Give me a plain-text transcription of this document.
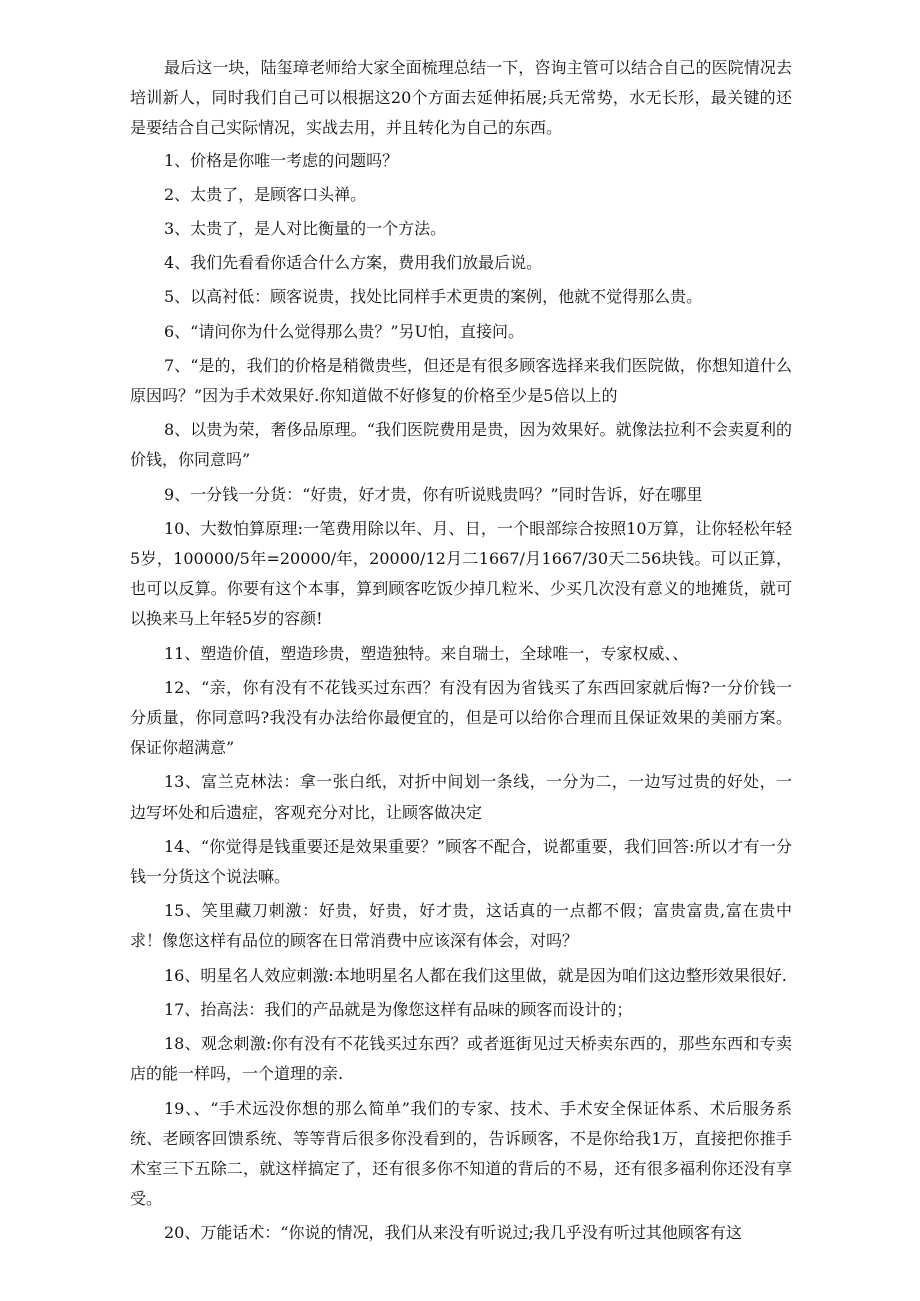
最后这一块，陆玺璋老师给大家全面梳理总结一下，咨询主管可以结合自己的医院情况去培训新人，同时我们自己可以根据这20个方面去延伸拓展;兵无常势，水无长形，最关键的还是要结合自己实际情况，实战去用，并且转化为自己的东西。

1、价格是你唯一考虑的问题吗？

2、太贵了，是顾客口头禅。

3、太贵了，是人对比衡量的一个方法。

4、我们先看看你适合什么方案，费用我们放最后说。

5、以高衬低：顾客说贵，找处比同样手术更贵的案例，他就不觉得那么贵。

6、“请问你为什么觉得那么贵？”另U怕，直接问。

7、“是的，我们的价格是稍微贵些，但还是有很多顾客选择来我们医院做，你想知道什么原因吗？”因为手术效果好.你知道做不好修复的价格至少是5倍以上的

8、以贵为荣，奢侈品原理。“我们医院费用是贵，因为效果好。就像法拉利不会卖夏利的价钱，你同意吗”

9、一分钱一分货：“好贵，好才贵，你有听说贱贵吗？”同时告诉，好在哪里

10、大数怕算原理:一笔费用除以年、月、日，一个眼部综合按照10万算，让你轻松年轻5岁，100000/5年=20000/年，20000/12月二1667/月1667/30天二56块钱。可以正算，也可以反算。你要有这个本事，算到顾客吃饭少掉几粒米、少买几次没有意义的地摊货，就可以换来马上年轻5岁的容颜!

11、塑造价值，塑造珍贵，塑造独特。来自瑞士，全球唯一，专家权威、、

12、“亲，你有没有不花钱买过东西？有没有因为省钱买了东西回家就后悔?一分价钱一分质量，你同意吗?我没有办法给你最便宜的，但是可以给你合理而且保证效果的美丽方案。保证你超满意”

13、富兰克林法：拿一张白纸，对折中间划一条线，一分为二，一边写过贵的好处，一边写坏处和后遗症，客观充分对比，让顾客做决定

14、“你觉得是钱重要还是效果重要？”顾客不配合，说都重要，我们回答:所以才有一分钱一分货这个说法嘛。

15、笑里藏刀刺激：好贵，好贵，好才贵，这话真的一点都不假；富贵富贵,富在贵中求！像您这样有品位的顾客在日常消费中应该深有体会，对吗？

16、明星名人效应刺激:本地明星名人都在我们这里做，就是因为咱们这边整形效果很好.

17、抬高法：我们的产品就是为像您这样有品味的顾客而设计的；

18、观念刺激:你有没有不花钱买过东西？或者逛街见过天桥卖东西的，那些东西和专卖店的能一样吗，一个道理的亲.

19、、“手术远没你想的那么简单”我们的专家、技术、手术安全保证体系、术后服务系统、老顾客回馈系统、等等背后很多你没看到的，告诉顾客，不是你给我1万，直接把你推手术室三下五除二，就这样搞定了，还有很多你不知道的背后的不易，还有很多福利你还没有享受。

20、万能话术：“你说的情况，我们从来没有听说过;我几乎没有听过其他顾客有这
